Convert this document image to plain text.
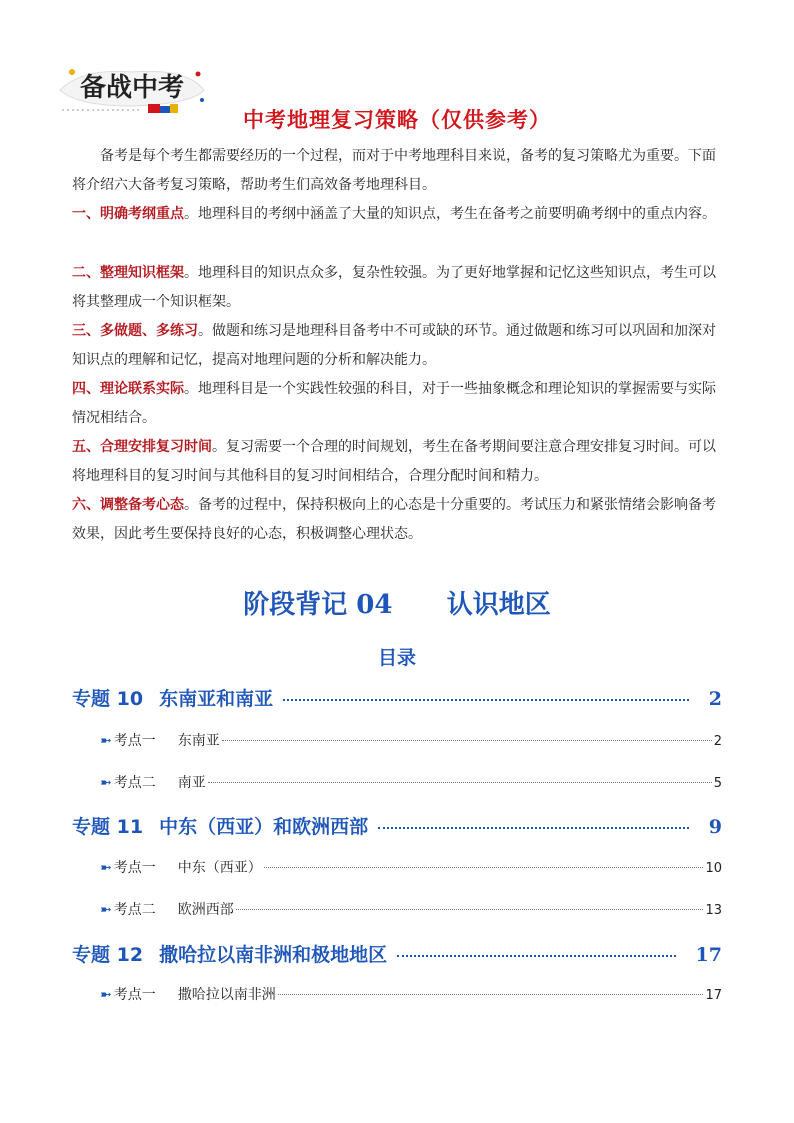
备战中考
中考地理复习策略（仅供参考）
备考是每个考生都需要经历的一个过程，而对于中考地理科目来说，备考的复习策略尤为重要。下面将介绍六大备考复习策略，帮助考生们高效备考地理科目。
一、明确考纲重点。地理科目的考纲中涵盖了大量的知识点，考生在备考之前要明确考纲中的重点内容。
二、整理知识框架。地理科目的知识点众多，复杂性较强。为了更好地掌握和记忆这些知识点，考生可以将其整理成一个知识框架。
三、多做题、多练习。做题和练习是地理科目备考中不可或缺的环节。通过做题和练习可以巩固和加深对知识点的理解和记忆，提高对地理问题的分析和解决能力。
四、理论联系实际。地理科目是一个实践性较强的科目，对于一些抽象概念和理论知识的掌握需要与实际情况相结合。
五、合理安排复习时间。复习需要一个合理的时间规划，考生在备考期间要注意合理安排复习时间。可以将地理科目的复习时间与其他科目的复习时间相结合，合理分配时间和精力。
六、调整备考心态。备考的过程中，保持积极向上的心态是十分重要的。考试压力和紧张情绪会影响备考效果，因此考生要保持良好的心态，积极调整心理状态。
阶段背记 04      认识地区
目录
专题 10 东南亚和南亚	2
➼ 考点一 东南亚	2
➼ 考点二 南亚	5
专题 11 中东（西亚）和欧洲西部	9
➼ 考点一 中东（西亚）	10
➼ 考点二 欧洲西部	13
专题 12 撒哈拉以南非洲和极地地区	17
➼ 考点一 撒哈拉以南非洲	17
